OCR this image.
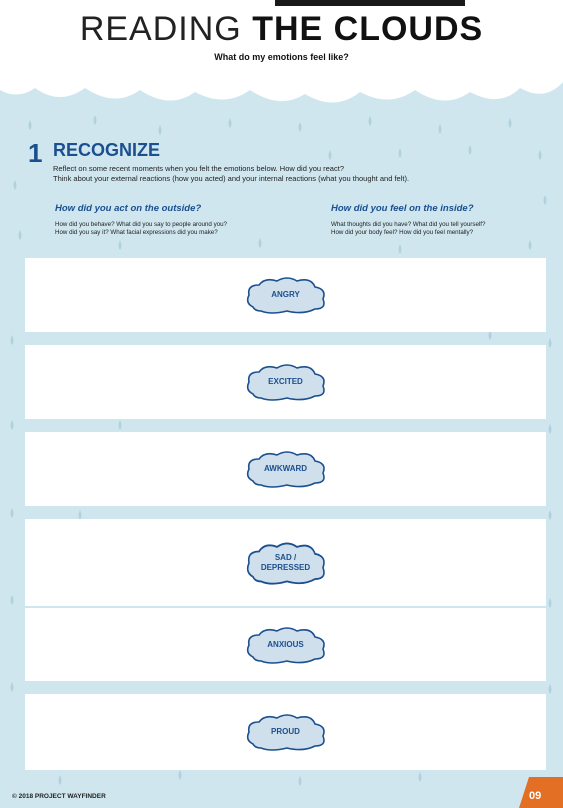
READING THE CLOUDS
What do my emotions feel like?
1 RECOGNIZE
Reflect on some recent moments when you felt the emotions below. How did you react?
Think about your external reactions (how you acted) and your internal reactions (what you thought and felt).
How did you act on the outside?
How did you behave? What did you say to people around you?
How did you say it? What facial expressions did you make?
How did you feel on the inside?
What thoughts did you have? What did you tell yourself?
How did your body feel? How did you feel mentally?
ANGRY
EXCITED
AWKWARD
SAD / DEPRESSED
ANXIOUS
PROUD
© 2018 PROJECT WAYFINDER	09
